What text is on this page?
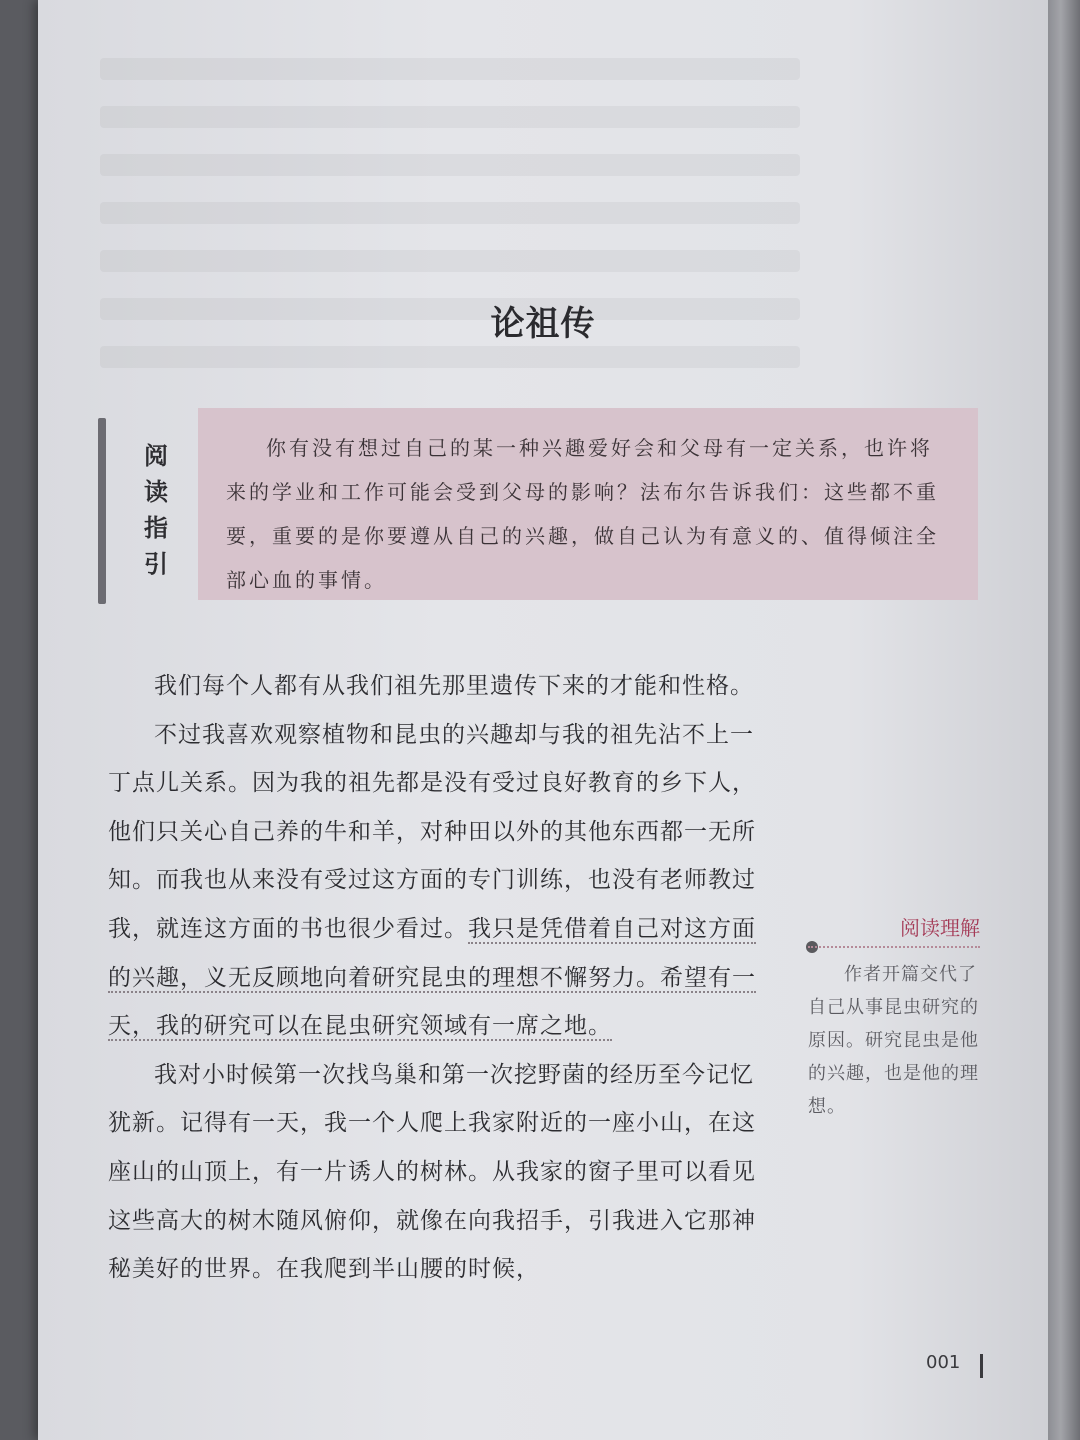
论祖传
阅
读
指
引

你有没有想过自己的某一种兴趣爱好会和父母有一定关系，也许将来的学业和工作可能会受到父母的影响？法布尔告诉我们：这些都不重要，重要的是你要遵从自己的兴趣，做自己认为有意义的、值得倾注全部心血的事情。

我们每个人都有从我们祖先那里遗传下来的才能和性格。

不过我喜欢观察植物和昆虫的兴趣却与我的祖先沾不上一丁点儿关系。因为我的祖先都是没有受过良好教育的乡下人，他们只关心自己养的牛和羊，对种田以外的其他东西都一无所知。而我也从来没有受过这方面的专门训练，也没有老师教过我，就连这方面的书也很少看过。我只是凭借着自己对这方面的兴趣，义无反顾地向着研究昆虫的理想不懈努力。希望有一天，我的研究可以在昆虫研究领域有一席之地。

我对小时候第一次找鸟巢和第一次挖野菌的经历至今记忆犹新。记得有一天，我一个人爬上我家附近的一座小山，在这座山的山顶上，有一片诱人的树林。从我家的窗子里可以看见这些高大的树木随风俯仰，就像在向我招手，引我进入它那神秘美好的世界。在我爬到半山腰的时候，

阅读理解
作者开篇交代了自己从事昆虫研究的原因。研究昆虫是他的兴趣，也是他的理想。
001
